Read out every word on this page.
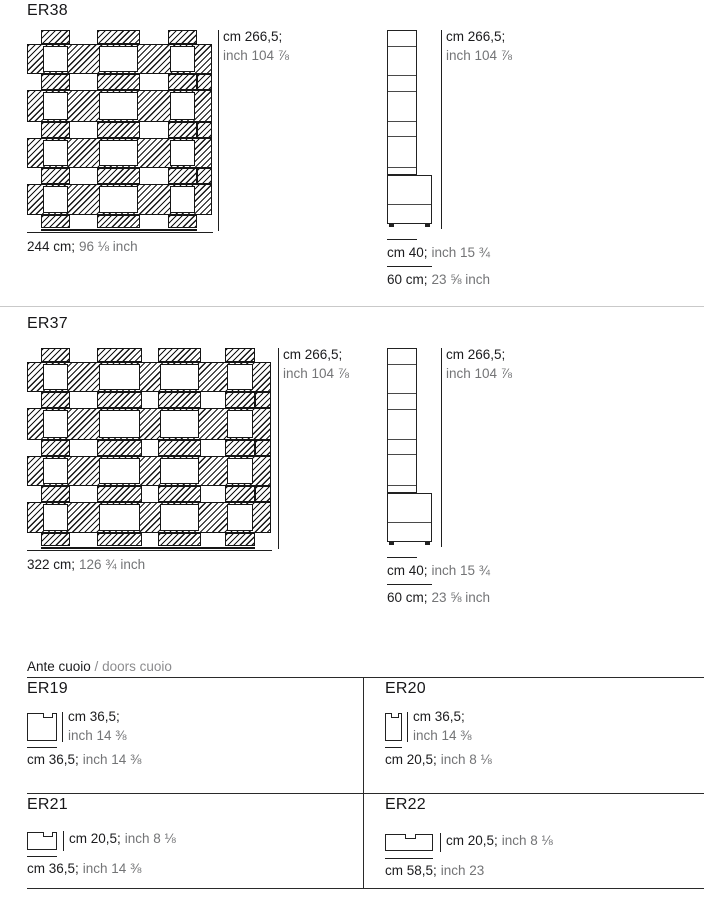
ER38
cm 266,5;
inch 104 ⅞
244 cm; 96 ⅛ inch
cm 266,5;
inch 104 ⅞
cm 40; inch 15 ¾
60 cm; 23 ⅝ inch
ER37
cm 266,5;
inch 104 ⅞
322 cm; 126 ¾ inch
cm 266,5;
inch 104 ⅞
cm 40; inch 15 ¾
60 cm; 23 ⅝ inch
Ante cuoio / doors cuoio
ER19
cm 36,5;
inch 14 ⅜
cm 36,5; inch 14 ⅜
ER20
cm 36,5;
inch 14 ⅜
cm 20,5; inch 8 ⅛
ER21
cm 20,5; inch 8 ⅛
cm 36,5; inch 14 ⅜
ER22
cm 20,5; inch 8 ⅛
cm 58,5; inch 23
